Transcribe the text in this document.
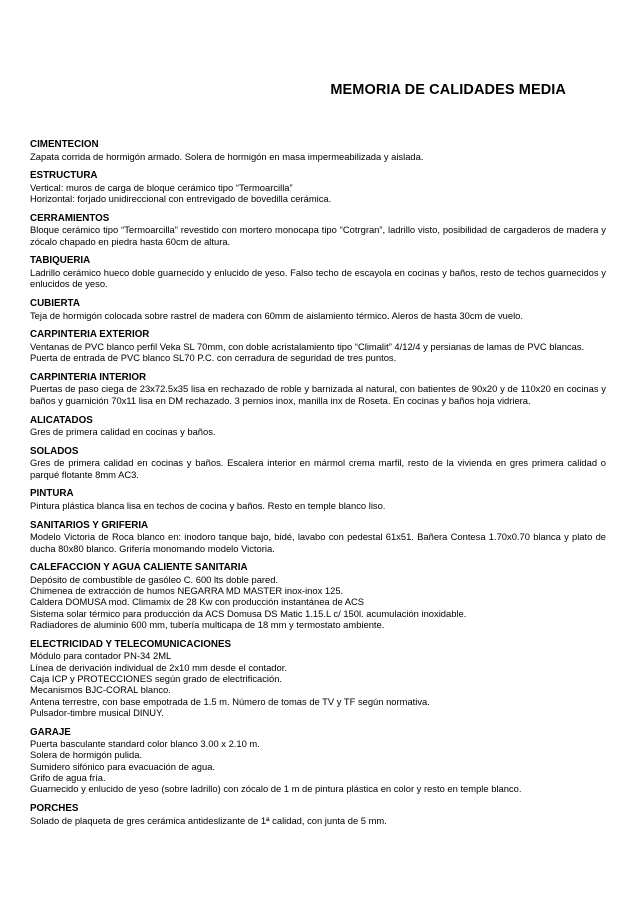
MEMORIA DE CALIDADES MEDIA
CIMENTECION
Zapata corrida de hormigón armado. Solera de hormigón en masa impermeabilizada y aislada.
ESTRUCTURA
Vertical: muros de carga de bloque cerámico tipo “Termoarcilla”
Horizontal: forjado unidireccional con entrevigado de bovedilla cerámica.
CERRAMIENTOS
Bloque cerámico tipo “Termoarcilla” revestido con mortero monocapa tipo “Cotrgran”, ladrillo visto, posibilidad de cargaderos de madera y zócalo chapado en piedra hasta 60cm de altura.
TABIQUERIA
Ladrillo cerámico hueco doble guarnecido y enlucido de yeso. Falso techo de escayola en cocinas y baños, resto de techos guarnecidos y enlucidos de yeso.
CUBIERTA
Teja de hormigón colocada sobre rastrel de madera con 60mm de aislamiento térmico. Aleros de hasta 30cm de vuelo.
CARPINTERIA EXTERIOR
Ventanas de PVC blanco perfil Veka SL 70mm, con doble acristalamiento tipo “Climalit” 4/12/4 y persianas de lamas de PVC blancas.
Puerta de entrada de PVC blanco SL70 P.C. con cerradura de seguridad de tres puntos.
CARPINTERIA INTERIOR
Puertas de paso ciega de 23x72.5x35 lisa en rechazado de roble y barnizada al natural, con batientes de 90x20 y de 110x20 en cocinas y baños y guarnición 70x11 lisa en DM rechazado. 3 pernios inox, manilla inx de Roseta. En cocinas y baños hoja vidriera.
ALICATADOS
Gres de primera calidad en cocinas y baños.
SOLADOS
Gres de primera calidad en cocinas y baños. Escalera interior en mármol crema marfil, resto de la vivienda en gres primera calidad o parqué flotante 8mm AC3.
PINTURA
Pintura plástica blanca lisa en techos de cocina y baños. Resto en temple blanco liso.
SANITARIOS Y GRIFERIA
Modelo Victoria de Roca blanco en: inodoro tanque bajo, bidé, lavabo con pedestal 61x51. Bañera Contesa 1.70x0.70 blanca y plato de ducha 80x80 blanco. Grifería monomando modelo Victoria.
CALEFACCION Y AGUA CALIENTE SANITARIA
Depósito de combustible de gasóleo C. 600 lts doble pared.
Chimenea de extracción de humos NEGARRA MD MASTER inox-inox 125.
Caldera DOMUSA mod. Climamix de 28 Kw con producción instantánea de ACS
Sistema solar térmico para producción da ACS Domusa DS Matic 1.15.L c/ 150l. acumulación inoxidable.
Radiadores de aluminio 600 mm, tubería multicapa de 18 mm y termostato ambiente.
ELECTRICIDAD Y TELECOMUNICACIONES
Módulo para contador PN-34 2ML
Línea de derivación individual de 2x10 mm desde el contador.
Caja ICP y PROTECCIONES según grado de electrificación.
Mecanismos BJC-CORAL blanco.
Antena terrestre, con base empotrada de 1.5 m. Número de tomas de TV y TF según normativa.
Pulsador-timbre musical DINUY.
GARAJE
Puerta basculante standard color blanco 3.00 x 2.10 m.
Solera de hormigón pulida.
Sumidero sifónico para evacuación de agua.
Grifo de agua fría.
Guarnecido y enlucido de yeso (sobre ladrillo) con zócalo de 1 m de pintura plástica en color y resto en temple blanco.
PORCHES
Solado de plaqueta de gres cerámica antideslizante de 1ª calidad, con junta de 5 mm.
